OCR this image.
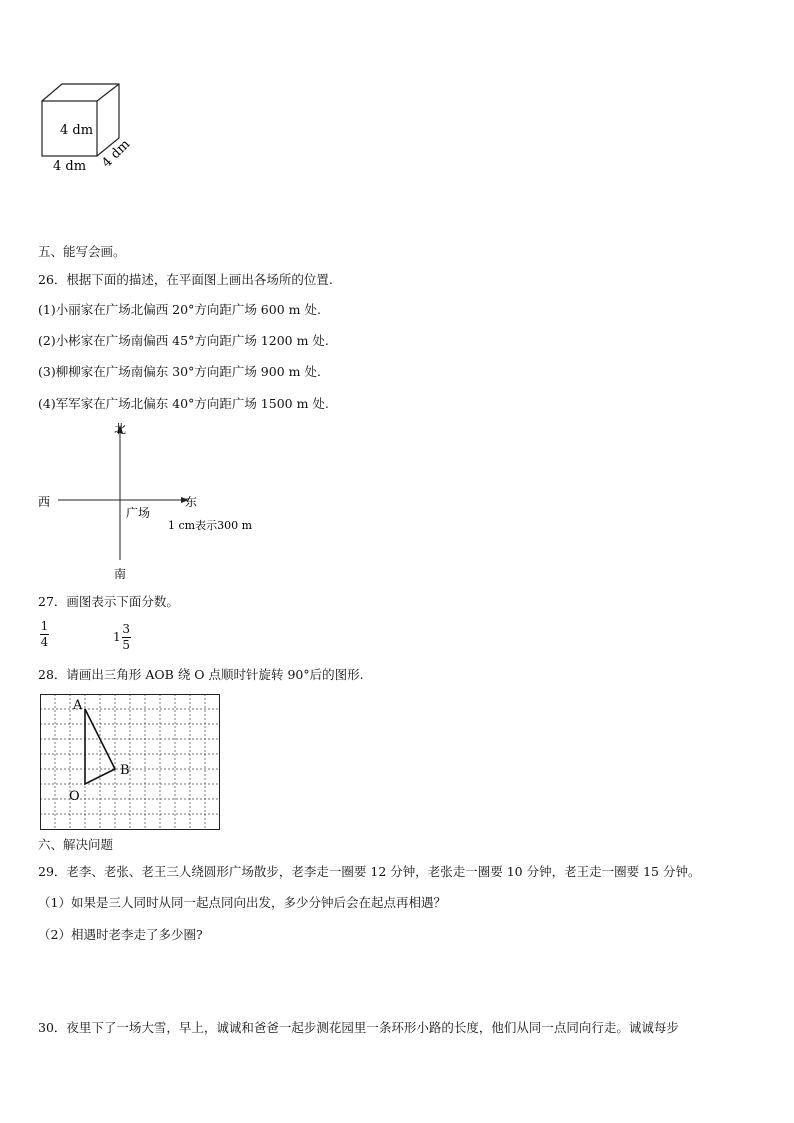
4 dm
4 dm 4 dm
五、能写会画。
26．根据下面的描述，在平面图上画出各场所的位置.
(1)小丽家在广场北偏西 20°方向距广场 600 m 处.
(2)小彬家在广场南偏西 45°方向距广场 1200 m 处.
(3)柳柳家在广场南偏东 30°方向距广场 900 m 处.
(4)军军家在广场北偏东 40°方向距广场 1500 m 处.
北
南
西	东
广场
1 cm表示300 m
27．画图表示下面分数。
1
4	1
3
5
28．请画出三角形 AOB 绕 O 点顺时针旋转 90°后的图形.
A
B
O
六、解决问题
29．老李、老张、老王三人绕圆形广场散步，老李走一圈要 12 分钟，老张走一圈要 10 分钟，老王走一圈要 15 分钟。
（1）如果是三人同时从同一起点同向出发，多少分钟后会在起点再相遇？
（2）相遇时老李走了多少圈?
30．夜里下了一场大雪，早上，诚诚和爸爸一起步测花园里一条环形小路的长度，他们从同一点同向行走。诚诚每步
